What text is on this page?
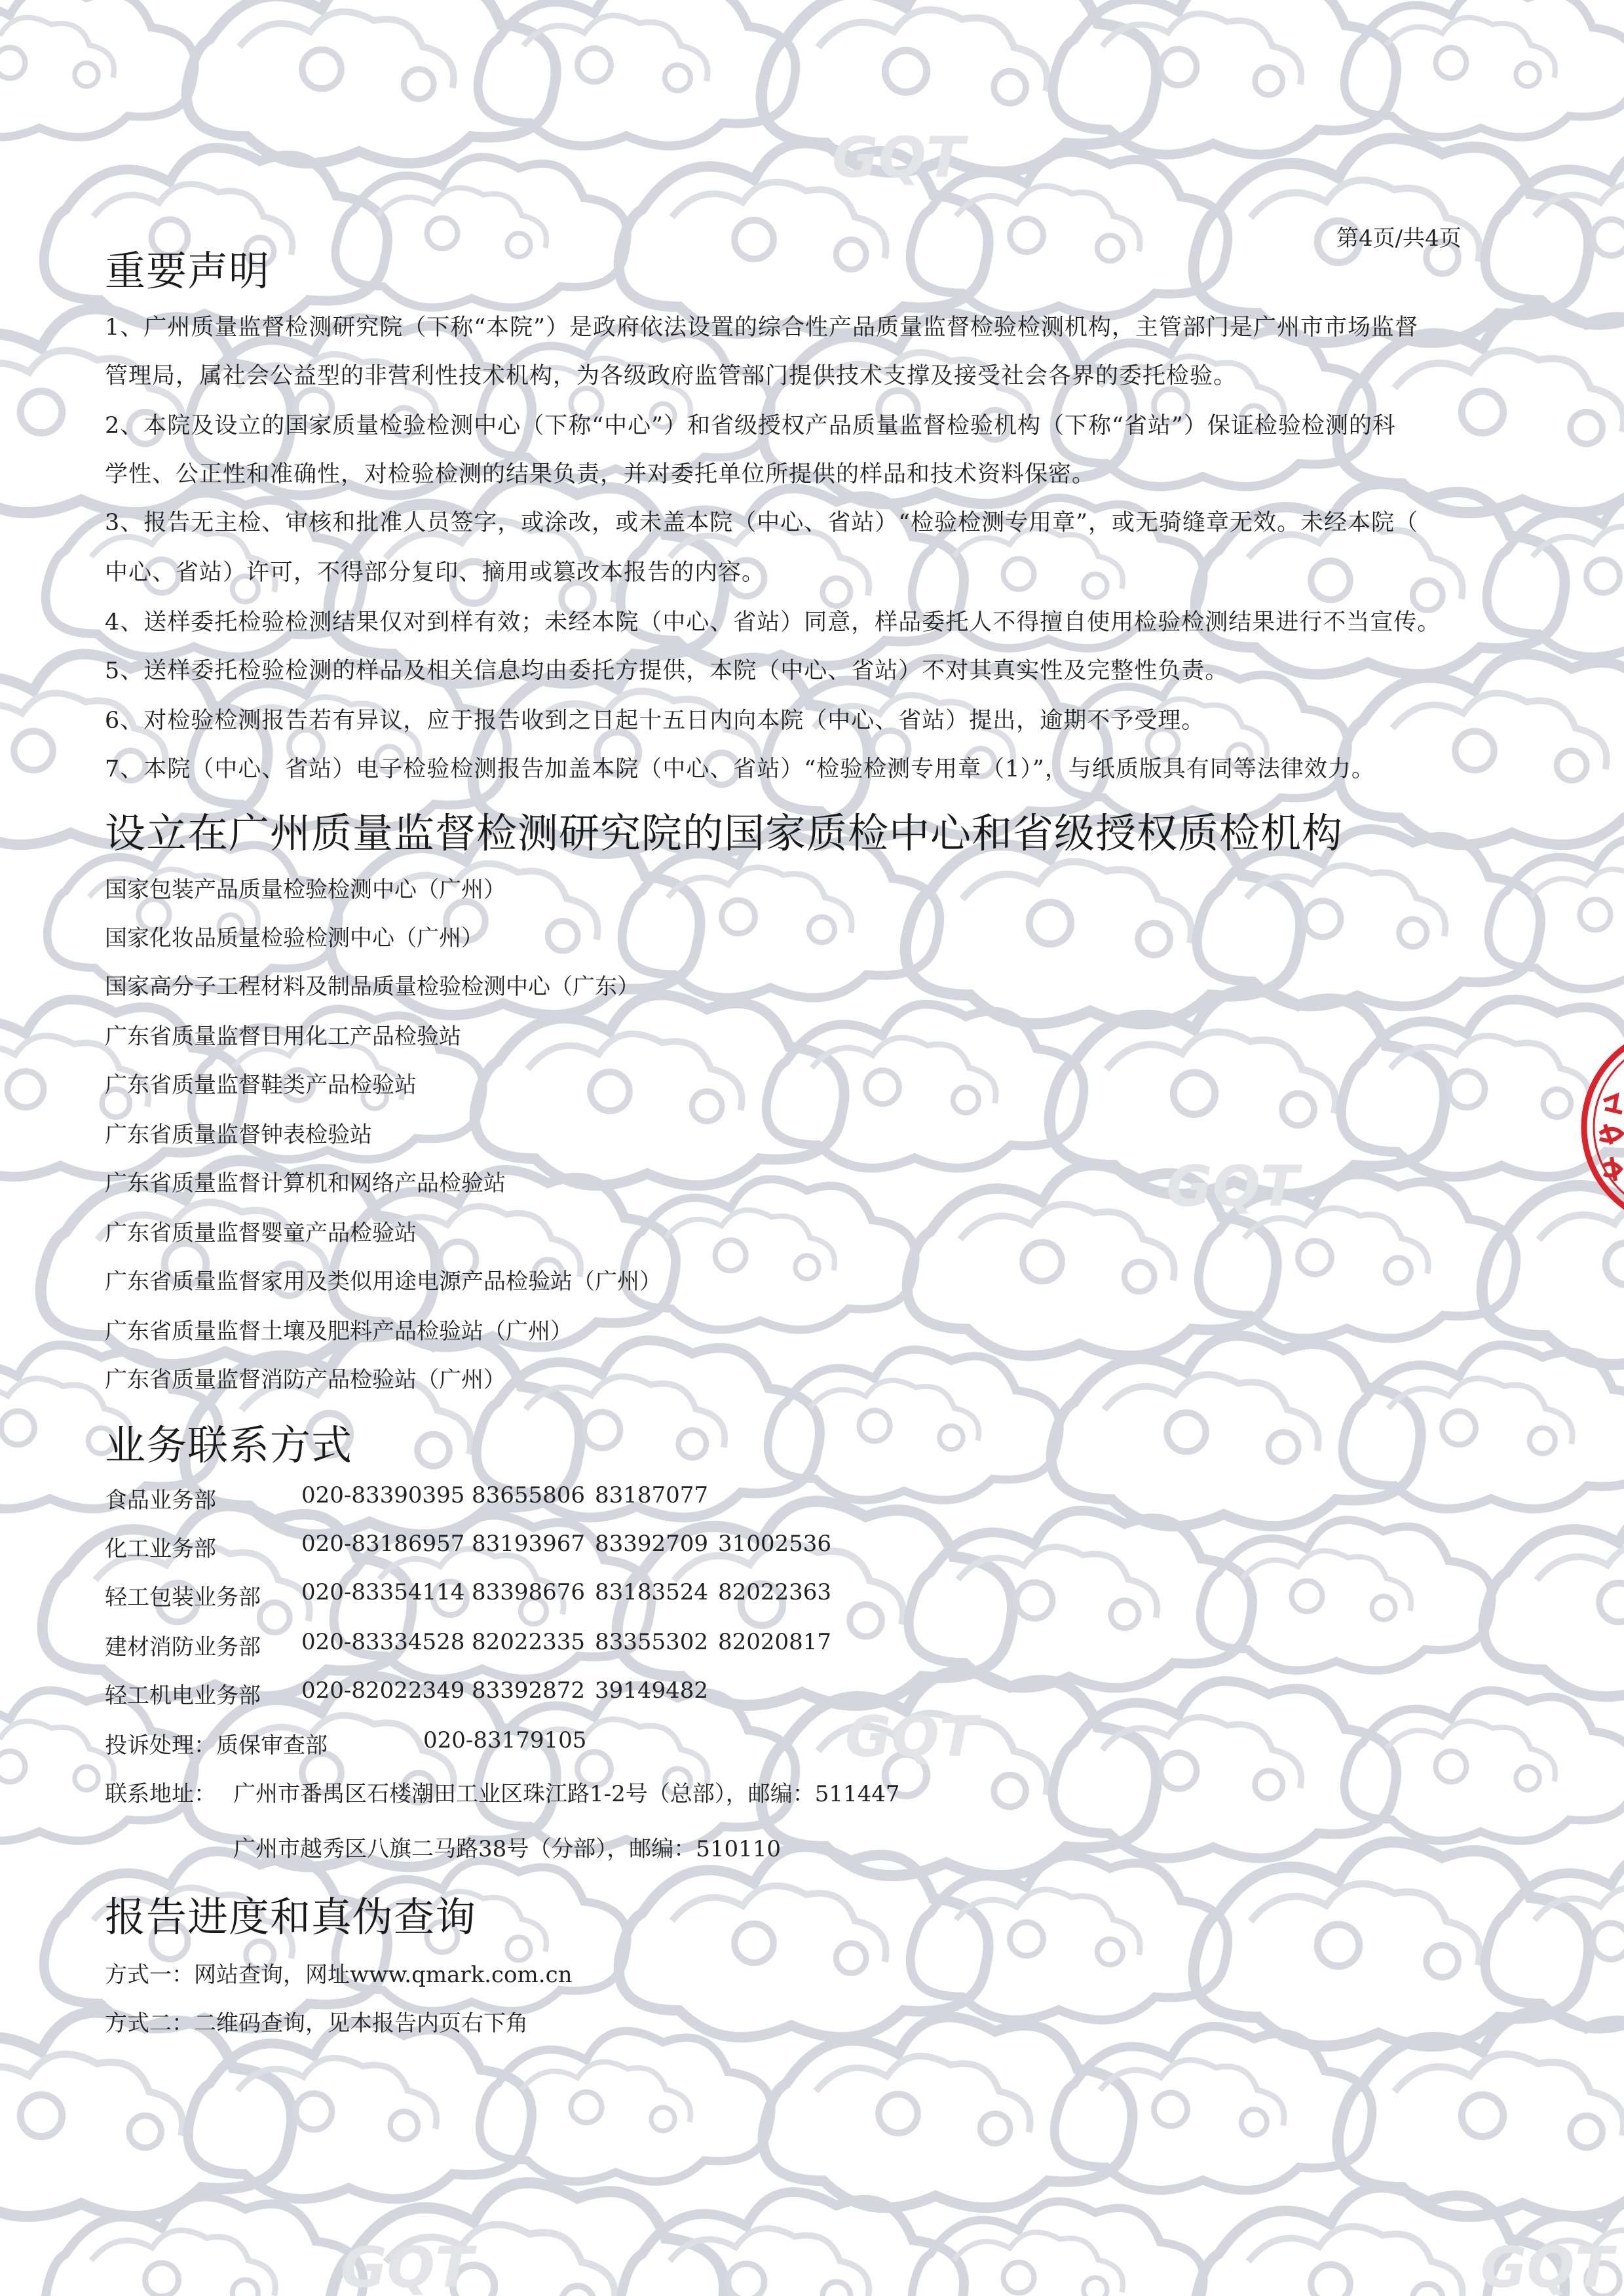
GQT
GQT
GQT
GQT	GQT
第4页/共4页
重要声明
1、广州质量监督检测研究院（下称“本院”）是政府依法设置的综合性产品质量监督检验检测机构，主管部门是广州市市场监督
管理局，属社会公益型的非营利性技术机构，为各级政府监管部门提供技术支撑及接受社会各界的委托检验。
2、本院及设立的国家质量检验检测中心（下称“中心”）和省级授权产品质量监督检验机构（下称“省站”）保证检验检测的科
学性、公正性和准确性，对检验检测的结果负责，并对委托单位所提供的样品和技术资料保密。
3、报告无主检、审核和批准人员签字，或涂改，或未盖本院（中心、省站）“检验检测专用章”，或无骑缝章无效。未经本院（
中心、省站）许可，不得部分复印、摘用或篡改本报告的内容。
4、送样委托检验检测结果仅对到样有效；未经本院（中心、省站）同意，样品委托人不得擅自使用检验检测结果进行不当宣传。
5、送样委托检验检测的样品及相关信息均由委托方提供，本院（中心、省站）不对其真实性及完整性负责。
6、对检验检测报告若有异议，应于报告收到之日起十五日内向本院（中心、省站）提出，逾期不予受理。
7、本院（中心、省站）电子检验检测报告加盖本院（中心、省站）“检验检测专用章（1）”，与纸质版具有同等法律效力。
设立在广州质量监督检测研究院的国家质检中心和省级授权质检机构
国家包装产品质量检验检测中心（广州）
国家化妆品质量检验检测中心（广州）
国家高分子工程材料及制品质量检验检测中心（广东）
广东省质量监督日用化工产品检验站
广东省质量监督鞋类产品检验站
广东省质量监督钟表检验站
广东省质量监督计算机和网络产品检验站
广东省质量监督婴童产品检验站
广东省质量监督家用及类似用途电源产品检验站（广州）
广东省质量监督土壤及肥料产品检验站（广州）
广东省质量监督消防产品检验站（广州）
业务联系方式
食品业务部	020-83390395 83655806 83187077
化工业务部	020-83186957 83193967 83392709 31002536
轻工包装业务部 020-83354114 83398676 83183524 82022363
建材消防业务部 020-83334528 82022335 83355302 82020817
轻工机电业务部 020-82022349 83392872 39149482
投诉处理：质保审查部	020-83179105
联系地址： 广州市番禺区石楼潮田工业区珠江路1-2号（总部），邮编：511447
广州市越秀区八旗二马路38号（分部），邮编：510110
报告进度和真伪查询
方式一：网站查询，网址www.qmark.com.cn
方式二：二维码查询，见本报告内页右下角
